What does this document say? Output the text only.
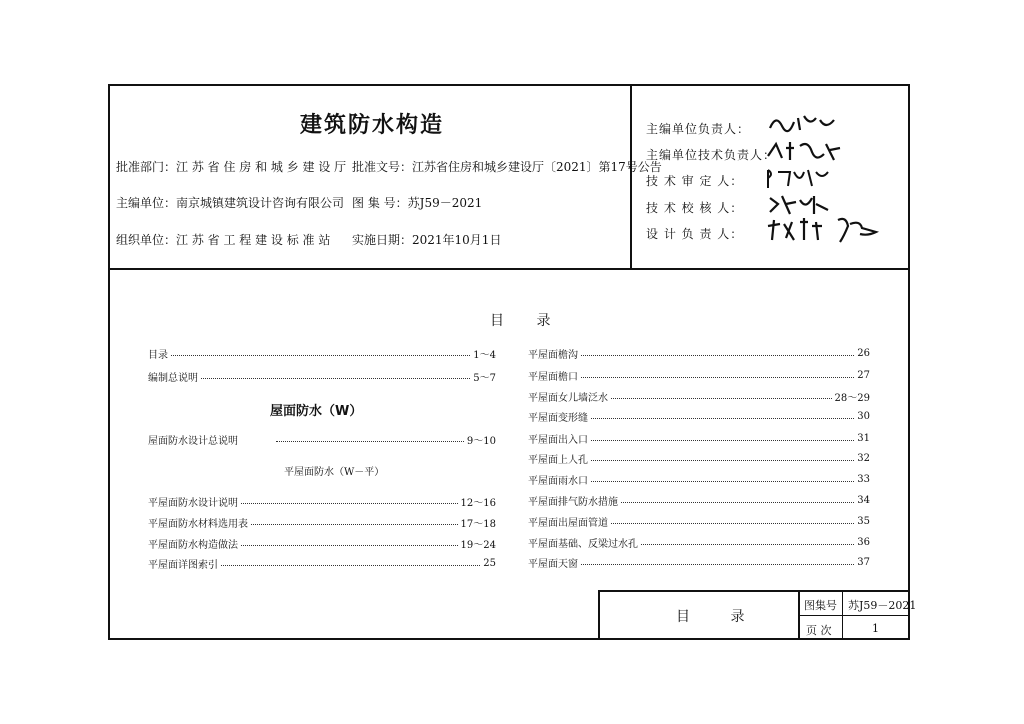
建筑防水构造
批准部门：江 苏 省 住 房 和 城 乡 建 设 厅 批准文号：江苏省住房和城乡建设厅〔2021〕第17号公告
主编单位：南京城镇建筑设计咨询有限公司 图 集 号：苏J59－2021
组织单位：江 苏 省 工 程 建 设 标 准 站 实施日期：2021年10月1日
主编单位负责人：
主编单位技术负责人：
技 术 审 定 人：
技 术 校 核 人：
设 计 负 责 人：
目 录
目录	1～4
编制总说明	5～7
屋面防水（W）
屋面防水设计总说明	9～10
平屋面防水（W－平）
平屋面防水设计说明	12～16
平屋面防水材料选用表	17～18
平屋面防水构造做法	19～24
平屋面详图索引	25
平屋面檐沟	26
平屋面檐口	27
平屋面女儿墙泛水	28～29
平屋面变形缝	30
平屋面出入口	31
平屋面上人孔	32
平屋面雨水口	33
平屋面排气防水措施	34
平屋面出屋面管道	35
平屋面基础、反梁过水孔	36
平屋面天窗	37
目 录
图集号 苏J59－2021
页 次	1
